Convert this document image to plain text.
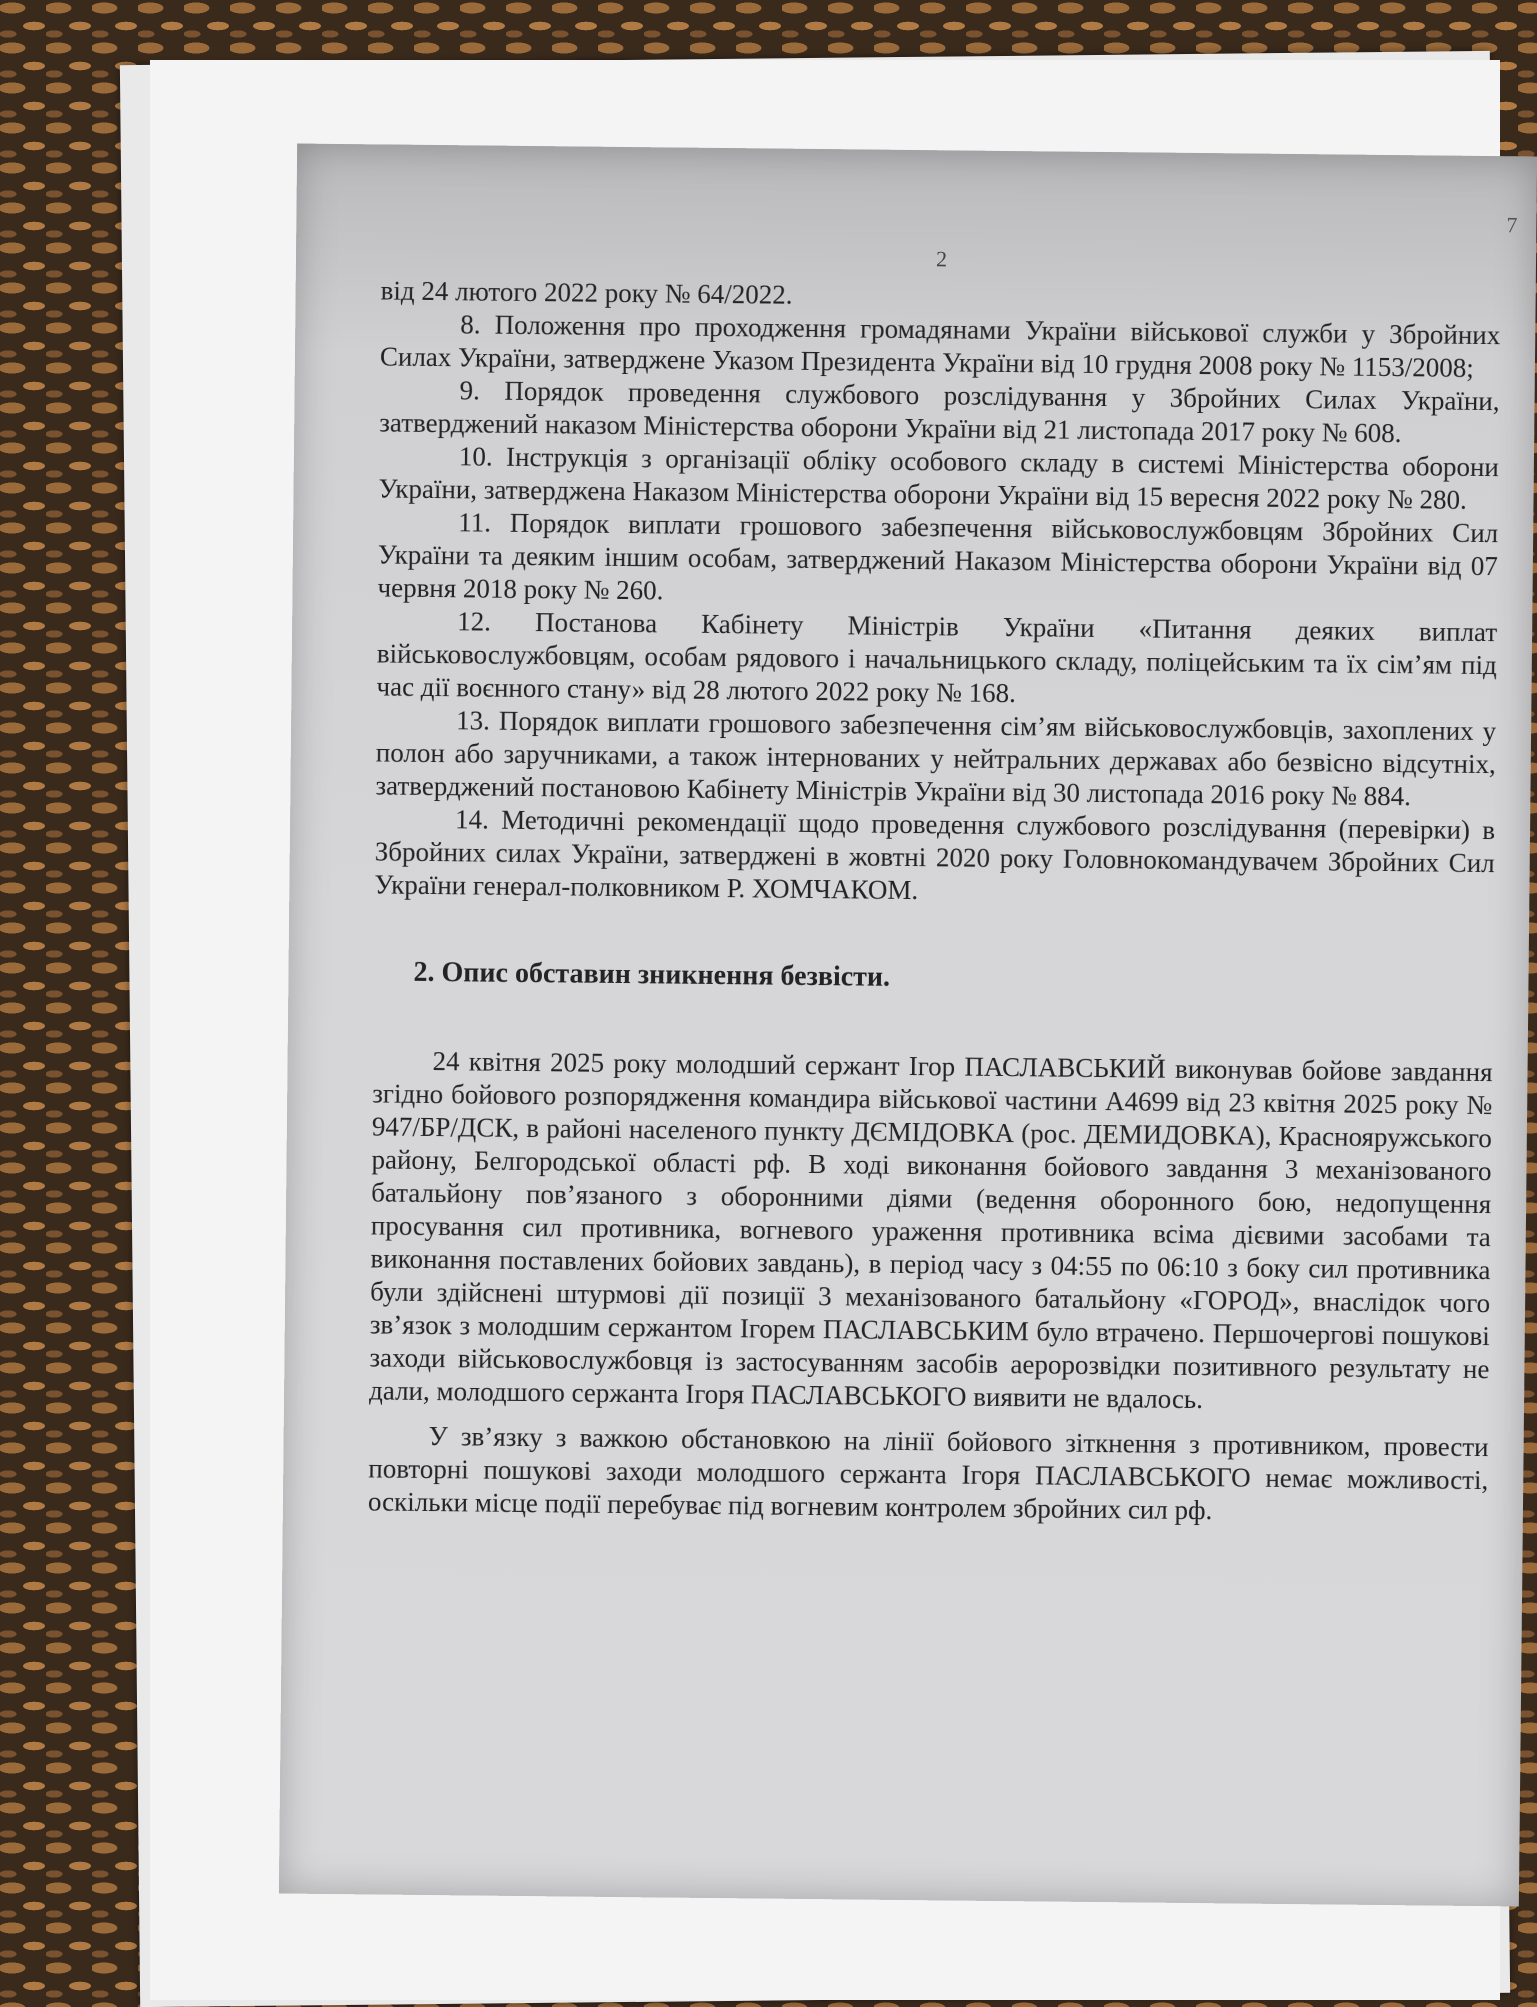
7
2

від 24 лютого 2022 року № 64/2022.

8. Положення про проходження громадянами України військової служби у Збройних Силах України, затверджене Указом Президента України від 10 грудня 2008 року № 1153/2008;

9. Порядок проведення службового розслідування у Збройних Силах України, затверджений наказом Міністерства оборони України від 21 листопада 2017 року № 608.

10. Інструкція з організації обліку особового складу в системі Міністерства оборони України, затверджена Наказом Міністерства оборони України від 15 вересня 2022 року № 280.

11. Порядок виплати грошового забезпечення військовослужбовцям Збройних Сил України та деяким іншим особам, затверджений Наказом Міністерства оборони України від 07 червня 2018 року № 260.

12. Постанова Кабінету Міністрів України «Питання деяких виплат військовослужбовцям, особам рядового і начальницького складу, поліцейським та їх сім’ям під час дії воєнного стану» від 28 лютого 2022 року № 168.

13. Порядок виплати грошового забезпечення сім’ям військовослужбовців, захоплених у полон або заручниками, а також інтернованих у нейтральних державах або безвісно відсутніх, затверджений постановою Кабінету Міністрів України від 30 листопада 2016 року № 884.

14. Методичні рекомендації щодо проведення службового розслідування (перевірки) в Збройних силах України, затверджені в жовтні 2020 року Головнокомандувачем Збройних Сил України генерал-полковником Р. ХОМЧАКОМ.

2. Опис обставин зникнення безвісти.

24 квітня 2025 року молодший сержант Ігор ПАСЛАВСЬКИЙ виконував бойове завдання згідно бойового розпорядження командира військової частини А4699 від 23 квітня 2025 року № 947/БР/ДСК, в районі населеного пункту ДЄМІДОВКА (рос. ДЕМИДОВКА), Краснояружського району, Белгородської області рф. В ході виконання бойового завдання 3 механізованого батальйону пов’язаного з оборонними діями (ведення оборонного бою, недопущення просування сил противника, вогневого ураження противника всіма дієвими засобами та виконання поставлених бойових завдань), в період часу з 04:55 по 06:10 з боку сил противника були здійснені штурмові дії позиції 3 механізованого батальйону «ГОРОД», внаслідок чого зв’язок з молодшим сержантом Ігорем ПАСЛАВСЬКИМ було втрачено. Першочергові пошукові заходи військовослужбовця із застосуванням засобів аеророзвідки позитивного результату не дали, молодшого сержанта Ігоря ПАСЛАВСЬКОГО виявити не вдалось.

У зв’язку з важкою обстановкою на лінії бойового зіткнення з противником, провести повторні пошукові заходи молодшого сержанта Ігоря ПАСЛАВСЬКОГО немає можливості, оскільки місце події перебуває під вогневим контролем збройних сил рф.
